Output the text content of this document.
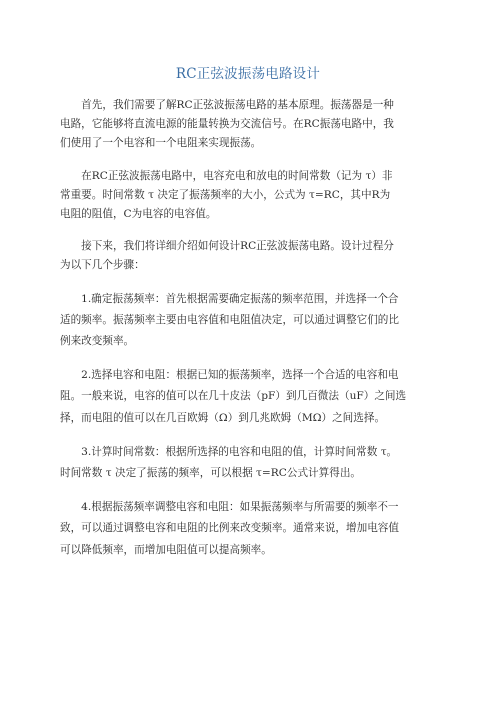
RC正弦波振荡电路设计
　　首先，我们需要了解RC正弦波振荡电路的基本原理。振荡器是一种
电路，它能够将直流电源的能量转换为交流信号。在RC振荡电路中，我
们使用了一个电容和一个电阻来实现振荡。
　　在RC正弦波振荡电路中，电容充电和放电的时间常数（记为 τ）非
常重要。时间常数 τ 决定了振荡频率的大小，公式为 τ=RC，其中R为
电阻的阻值，C为电容的电容值。
　　接下来，我们将详细介绍如何设计RC正弦波振荡电路。设计过程分
为以下几个步骤：
　　1.确定振荡频率：首先根据需要确定振荡的频率范围，并选择一个合
适的频率。振荡频率主要由电容值和电阻值决定，可以通过调整它们的比
例来改变频率。
　　2.选择电容和电阻：根据已知的振荡频率，选择一个合适的电容和电
阻。一般来说，电容的值可以在几十皮法（pF）到几百微法（uF）之间选
择，而电阻的值可以在几百欧姆（Ω）到几兆欧姆（MΩ）之间选择。
　　3.计算时间常数：根据所选择的电容和电阻的值，计算时间常数 τ。
时间常数 τ 决定了振荡的频率，可以根据 τ=RC公式计算得出。
　　4.根据振荡频率调整电容和电阻：如果振荡频率与所需要的频率不一
致，可以通过调整电容和电阻的比例来改变频率。通常来说，增加电容值
可以降低频率，而增加电阻值可以提高频率。
